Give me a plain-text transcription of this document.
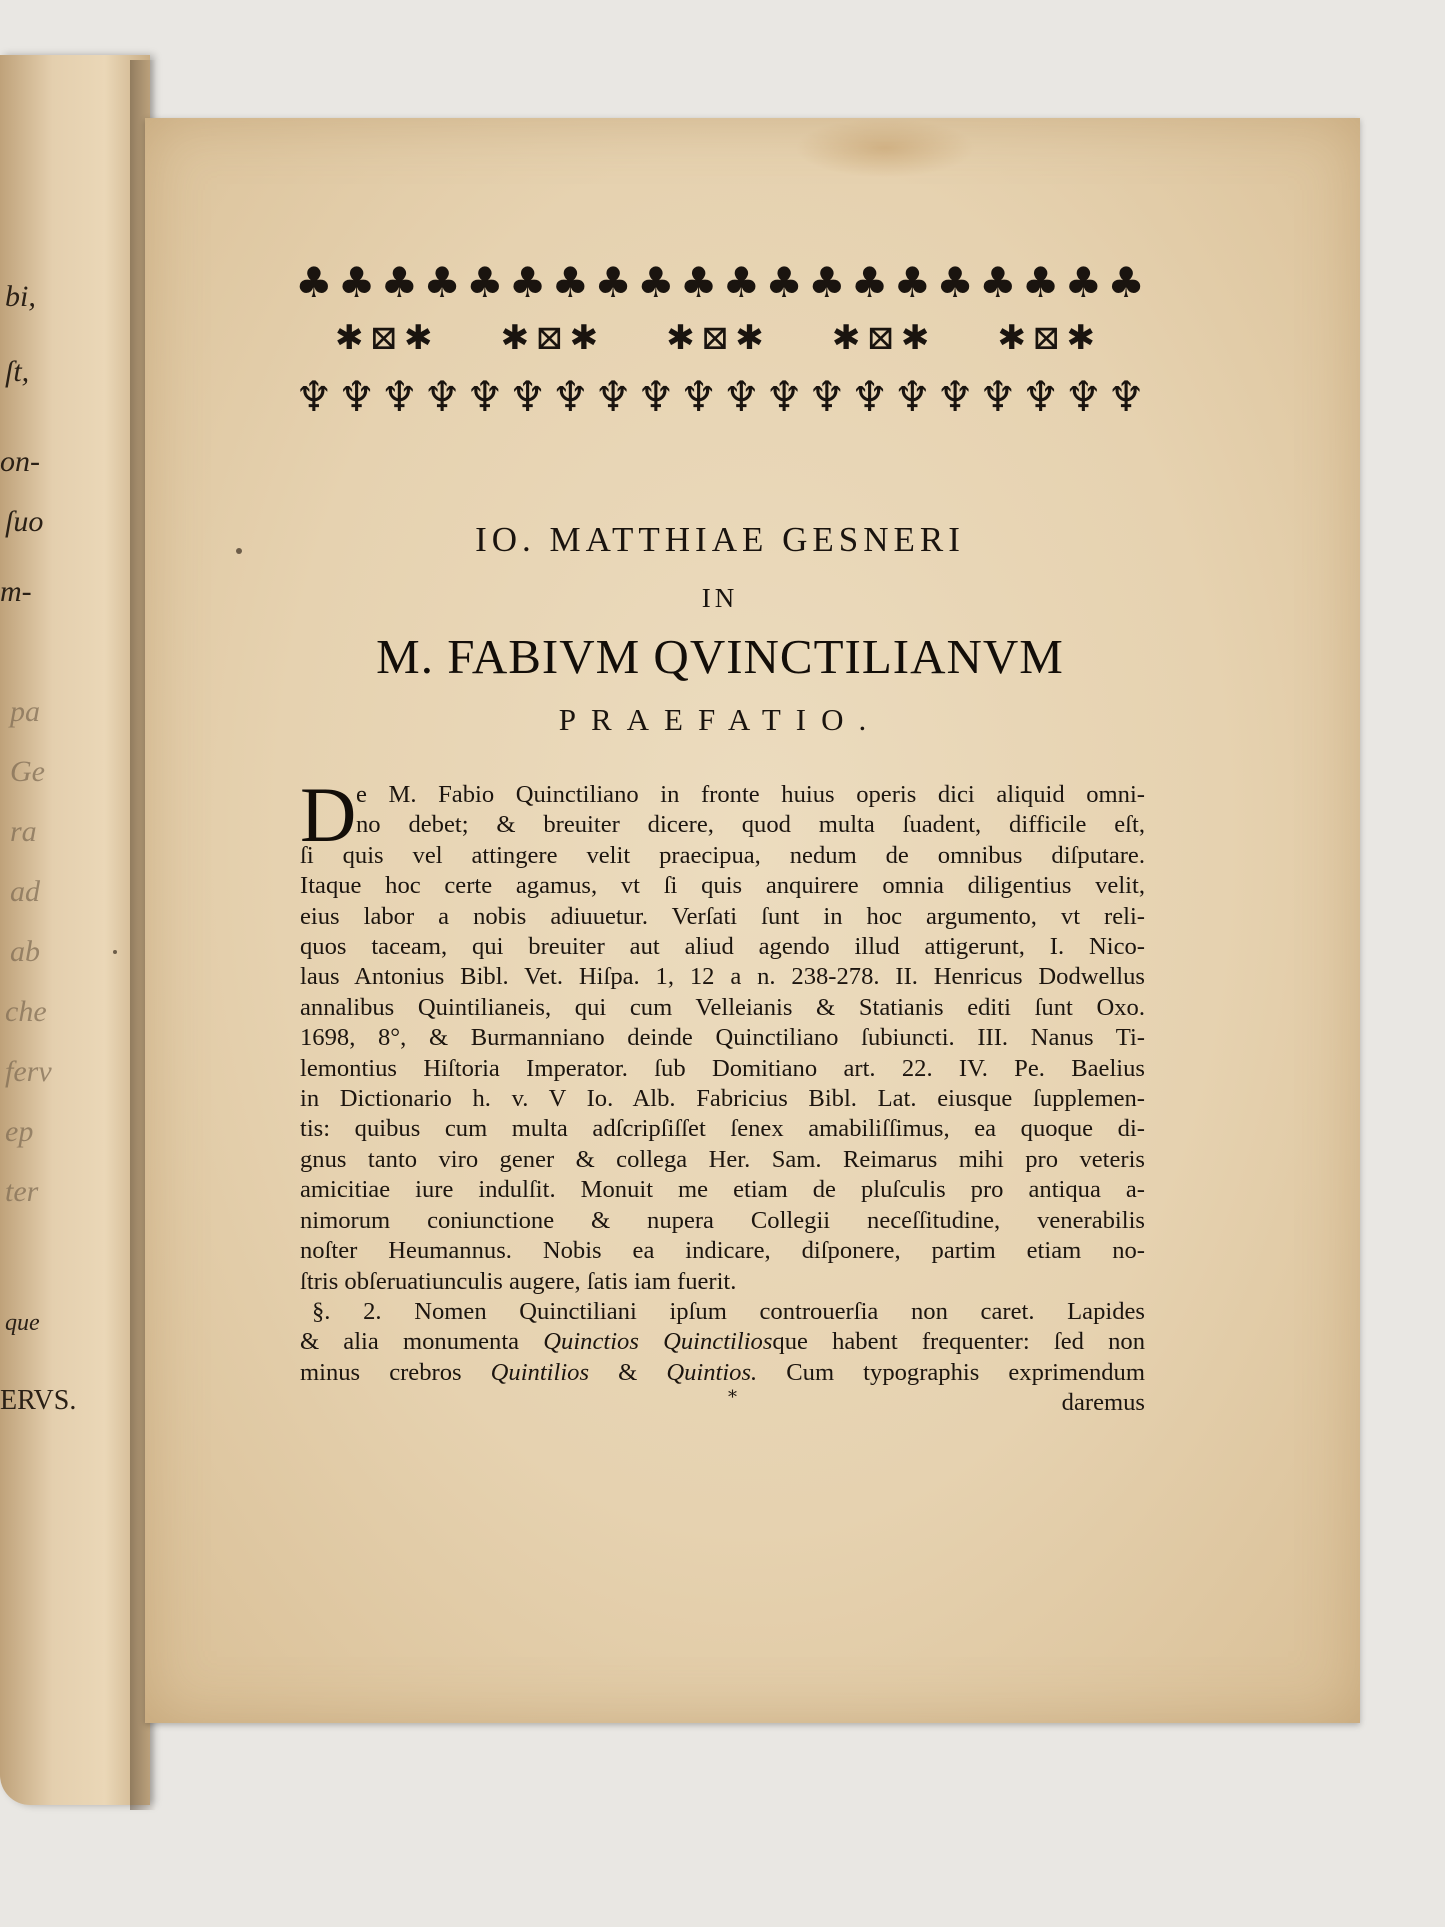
bi,
ſt,
on-
ſuo
m-
pa
Ge
ra
ad
ab
che
ferv
ep
ter
que
ERVS.
♣ ♣ ♣ ♣ ♣ ♣ ♣ ♣ ♣ ♣ ♣ ♣ ♣ ♣ ♣ ♣ ♣ ♣ ♣ ♣
✱ ⊠ ✱ ✱ ⊠ ✱ ✱ ⊠ ✱ ✱ ⊠ ✱ ✱ ⊠ ✱
♆ ♆ ♆ ♆ ♆ ♆ ♆ ♆ ♆ ♆ ♆ ♆ ♆ ♆ ♆ ♆ ♆ ♆ ♆ ♆
IO. MATTHIAE GESNERI
IN
M. FABIVM QVINCTILIANVM
PRAEFATIO.
D e M. Fabio Quinctiliano in fronte huius operis dici aliquid omni-
no debet; & breuiter dicere, quod multa ſuadent, difficile eſt,
ſi quis vel attingere velit praecipua, nedum de omnibus diſputare.
Itaque hoc certe agamus, vt ſi quis anquirere omnia diligentius velit,
eius labor a nobis adiuuetur. Verſati ſunt in hoc argumento, vt reli-
quos taceam, qui breuiter aut aliud agendo illud attigerunt, I. Nico-
laus Antonius Bibl. Vet. Hiſpa. 1, 12 a n. 238-278. II. Henricus Dodwellus
annalibus Quintilianeis, qui cum Velleianis & Statianis editi ſunt Oxo.
1698, 8°, & Burmanniano deinde Quinctiliano ſubiuncti. III. Nanus Ti-
lemontius Hiſtoria Imperator. ſub Domitiano art. 22. IV. Pe. Baelius
in Dictionario h. v. V Io. Alb. Fabricius Bibl. Lat. eiusque ſupplemen-
tis: quibus cum multa adſcripſiſſet ſenex amabiliſſimus, ea quoque di-
gnus tanto viro gener & collega Her. Sam. Reimarus mihi pro veteris
amicitiae iure indulſit. Monuit me etiam de pluſculis pro antiqua a-
nimorum coniunctione & nupera Collegii neceſſitudine, venerabilis
noſter Heumannus. Nobis ea indicare, diſponere, partim etiam no-
ſtris obſeruatiunculis augere, ſatis iam fuerit.
§. 2. Nomen Quinctiliani ipſum controuerſia non caret. Lapides
& alia monumenta Quinctios Quinctiliosque habent frequenter: ſed non
minus crebros Quintilios & Quintios. Cum typographis exprimendum
daremus
*
